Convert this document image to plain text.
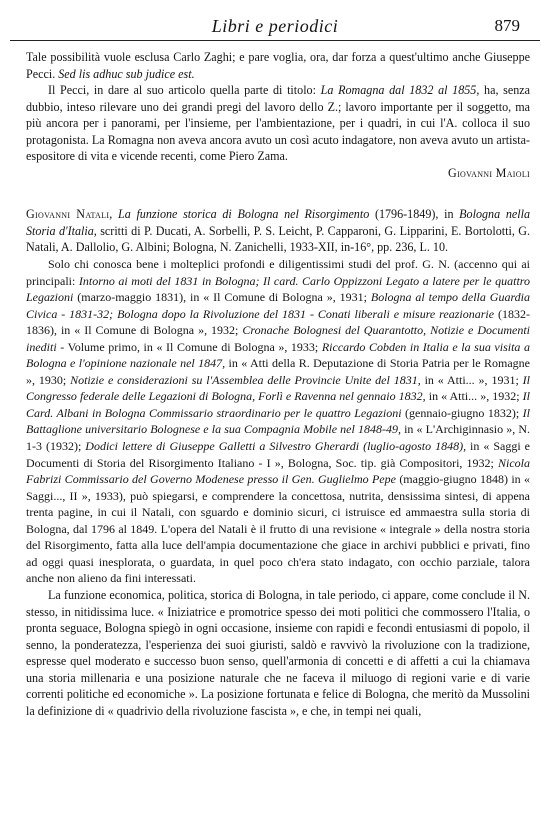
Libri e periodici	879

Tale possibilità vuole esclusa Carlo Zaghi; e pare voglia, ora, dar forza a quest'ultimo anche Giuseppe Pecci. Sed lis adhuc sub judice est.

Il Pecci, in dare al suo articolo quella parte di titolo: La Romagna dal 1832 al 1855, ha, senza dubbio, inteso rilevare uno dei grandi pregi del lavoro dello Z.; lavoro importante per il soggetto, ma più ancora per i panorami, per l'insieme, per l'ambientazione, per i quadri, in cui l'A. colloca il suo protagonista. La Romagna non aveva ancora avuto un così acuto indagatore, non aveva avuto un artista-espositore di vita e vicende recenti, come Piero Zama.

Giovanni Maioli

Giovanni Natali, La funzione storica di Bologna nel Risorgimento (1796-1849), in Bologna nella Storia d'Italia, scritti di P. Ducati, A. Sorbelli, P. S. Leicht, P. Capparoni, G. Lipparini, E. Bortolotti, G. Natali, A. Dallolio, G. Albini; Bologna, N. Zanichelli, 1933-XII, in-16°, pp. 236, L. 10.

Solo chi conosca bene i molteplici profondi e diligentissimi studi del prof. G. N. (accenno qui ai principali: Intorno ai moti del 1831 in Bologna; Il card. Carlo Oppizzoni Legato a latere per le quattro Legazioni (marzo-maggio 1831), in « Il Comune di Bologna », 1931; Bologna al tempo della Guardia Civica - 1831-32; Bologna dopo la Rivoluzione del 1831 - Conati liberali e misure reazionarie (1832-1836), in « Il Comune di Bologna », 1932; Cronache Bolognesi del Quarantotto, Notizie e Documenti inediti - Volume primo, in « Il Comune di Bologna », 1933; Riccardo Cobden in Italia e la sua visita a Bologna e l'opinione nazionale nel 1847, in « Atti della R. Deputazione di Storia Patria per le Romagne », 1930; Notizie e considerazioni su l'Assemblea delle Provincie Unite del 1831, in « Atti... », 1931; Il Congresso federale delle Legazioni di Bologna, Forlì e Ravenna nel gennaio 1832, in « Atti... », 1932; Il Card. Albani in Bologna Commissario straordinario per le quattro Legazioni (gennaio-giugno 1832); Il Battaglione universitario Bolognese e la sua Compagnia Mobile nel 1848-49, in « L'Archiginnasio », N. 1-3 (1932); Dodici lettere di Giuseppe Galletti a Silvestro Gherardi (luglio-agosto 1848), in « Saggi e Documenti di Storia del Risorgimento Italiano - I », Bologna, Soc. tip. già Compositori, 1932; Nicola Fabrizi Commissario del Governo Modenese presso il Gen. Guglielmo Pepe (maggio-giugno 1848) in « Saggi..., II », 1933), può spiegarsi, e comprendere la concettosa, nutrita, densissima sintesi, di appena trenta pagine, in cui il Natali, con sguardo e dominio sicuri, ci istruisce ed ammaestra sulla storia di Bologna, dal 1796 al 1849. L'opera del Natali è il frutto di una revisione « integrale » della nostra storia del Risorgimento, fatta alla luce dell'ampia documentazione che giace in archivi pubblici e privati, fino ad oggi quasi inesplorata, o guardata, in quel poco ch'era stato indagato, con occhio parziale, talora anche non alieno da fini interessati.

La funzione economica, politica, storica di Bologna, in tale periodo, ci appare, come conclude il N. stesso, in nitidissima luce. « Iniziatrice e promotrice spesso dei moti politici che commossero l'Italia, o pronta seguace, Bologna spiegò in ogni occasione, insieme con rapidi e fecondi entusiasmi di popolo, il senno, la ponderatezza, l'esperienza dei suoi giuristi, saldò e ravvivò la rivoluzione con la tradizione, espresse quel moderato e successo buon senso, quell'armonia di concetti e di affetti a cui la chiamava una storia millenaria e una posizione naturale che ne faceva il miluogo di regioni varie e di varie correnti politiche ed economiche ». La posizione fortunata e felice di Bologna, che meritò da Mussolini la definizione di « quadrivio della rivoluzione fascista », e che, in tempi nei quali,
